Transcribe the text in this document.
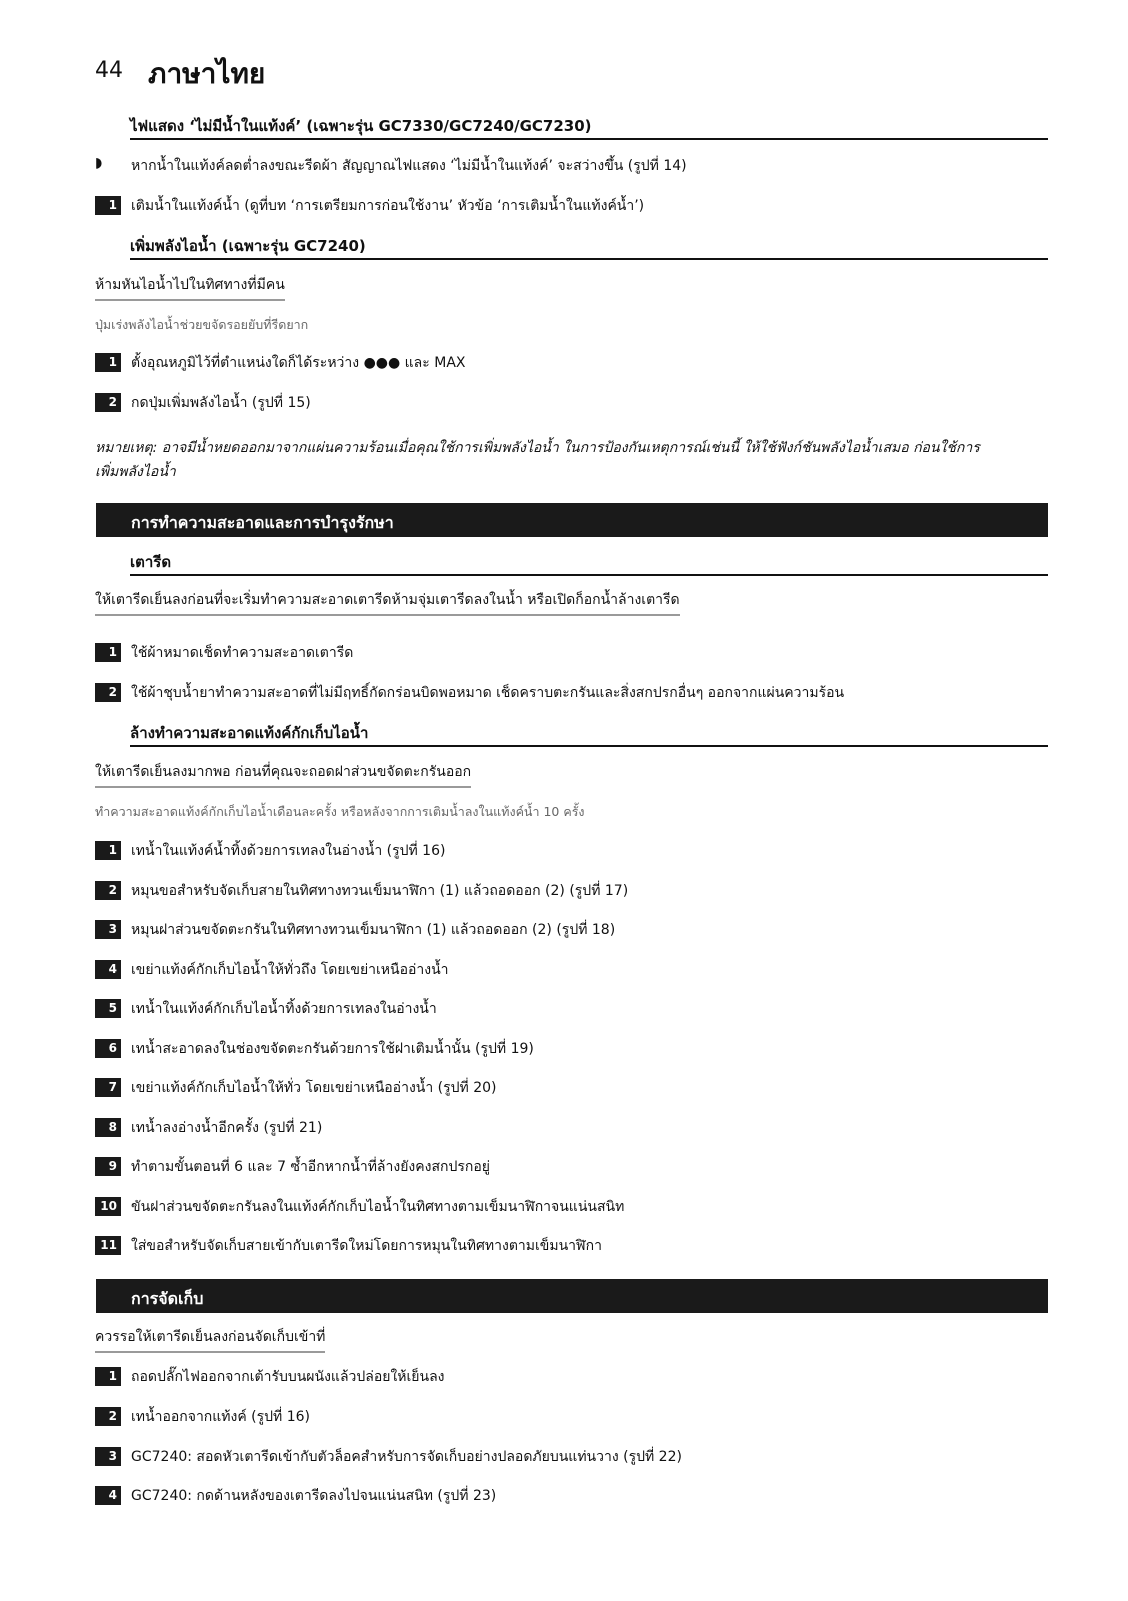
44 ภาษาไทย
ไฟแสดง ‘ไม่มีน้ำในแท้งค์’ (เฉพาะรุ่น GC7330/GC7240/GC7230)
◗ หากน้ำในแท้งค์ลดต่ำลงขณะรีดผ้า สัญญาณไฟแสดง ‘ไม่มีน้ำในแท้งค์’ จะสว่างขึ้น (รูปที่ 14)
1 เติมน้ำในแท้งค์น้ำ (ดูที่บท ‘การเตรียมการก่อนใช้งาน’ หัวข้อ ‘การเติมน้ำในแท้งค์น้ำ’)
เพิ่มพลังไอน้ำ (เฉพาะรุ่น GC7240)
ห้ามหันไอน้ำไปในทิศทางที่มีคน
ปุ่มเร่งพลังไอน้ำช่วยขจัดรอยยับที่รีดยาก
1 ตั้งอุณหภูมิไว้ที่ตำแหน่งใดก็ได้ระหว่าง ●●● และ MAX
2 กดปุ่มเพิ่มพลังไอน้ำ (รูปที่ 15)
หมายเหตุ: อาจมีน้ำหยดออกมาจากแผ่นความร้อนเมื่อคุณใช้การเพิ่มพลังไอน้ำ ในการป้องกันเหตุการณ์เช่นนี้ ให้ใช้ฟังก์ชันพลังไอน้ำเสมอ ก่อนใช้การ
เพิ่มพลังไอน้ำ
การทำความสะอาดและการบำรุงรักษา
เตารีด
ให้เตารีดเย็นลงก่อนที่จะเริ่มทำความสะอาดเตารีดห้ามจุ่มเตารีดลงในน้ำ หรือเปิดก็อกน้ำล้างเตารีด
1 ใช้ผ้าหมาดเช็ดทำความสะอาดเตารีด
2 ใช้ผ้าชุบน้ำยาทำความสะอาดที่ไม่มีฤทธิ์กัดกร่อนบิดพอหมาด เช็ดคราบตะกรันและสิ่งสกปรกอื่นๆ ออกจากแผ่นความร้อน
ล้างทำความสะอาดแท้งค์กักเก็บไอน้ำ
ให้เตารีดเย็นลงมากพอ ก่อนที่คุณจะถอดฝาส่วนขจัดตะกรันออก
ทำความสะอาดแท้งค์กักเก็บไอน้ำเดือนละครั้ง หรือหลังจากการเติมน้ำลงในแท้งค์น้ำ 10 ครั้ง
1 เทน้ำในแท้งค์น้ำทิ้งด้วยการเทลงในอ่างน้ำ (รูปที่ 16)
2 หมุนขอสำหรับจัดเก็บสายในทิศทางทวนเข็มนาฬิกา (1) แล้วถอดออก (2) (รูปที่ 17)
3 หมุนฝาส่วนขจัดตะกรันในทิศทางทวนเข็มนาฬิกา (1) แล้วถอดออก (2) (รูปที่ 18)
4 เขย่าแท้งค์กักเก็บไอน้ำให้ทั่วถึง โดยเขย่าเหนืออ่างน้ำ
5 เทน้ำในแท้งค์กักเก็บไอน้ำทิ้งด้วยการเทลงในอ่างน้ำ
6 เทน้ำสะอาดลงในช่องขจัดตะกรันด้วยการใช้ฝาเติมน้ำนั้น (รูปที่ 19)
7 เขย่าแท้งค์กักเก็บไอน้ำให้ทั่ว โดยเขย่าเหนืออ่างน้ำ (รูปที่ 20)
8 เทน้ำลงอ่างน้ำอีกครั้ง (รูปที่ 21)
9 ทำตามขั้นตอนที่ 6 และ 7 ซ้ำอีกหากน้ำที่ล้างยังคงสกปรกอยู่
10 ขันฝาส่วนขจัดตะกรันลงในแท้งค์กักเก็บไอน้ำในทิศทางตามเข็มนาฬิกาจนแน่นสนิท
11 ใส่ขอสำหรับจัดเก็บสายเข้ากับเตารีดใหม่โดยการหมุนในทิศทางตามเข็มนาฬิกา
การจัดเก็บ
ควรรอให้เตารีดเย็นลงก่อนจัดเก็บเข้าที่
1 ถอดปลั๊กไฟออกจากเต้ารับบนผนังแล้วปล่อยให้เย็นลง
2 เทน้ำออกจากแท้งค์ (รูปที่ 16)
3 GC7240: สอดหัวเตารีดเข้ากับตัวล็อคสำหรับการจัดเก็บอย่างปลอดภัยบนแท่นวาง (รูปที่ 22)
4 GC7240: กดด้านหลังของเตารีดลงไปจนแน่นสนิท (รูปที่ 23)
